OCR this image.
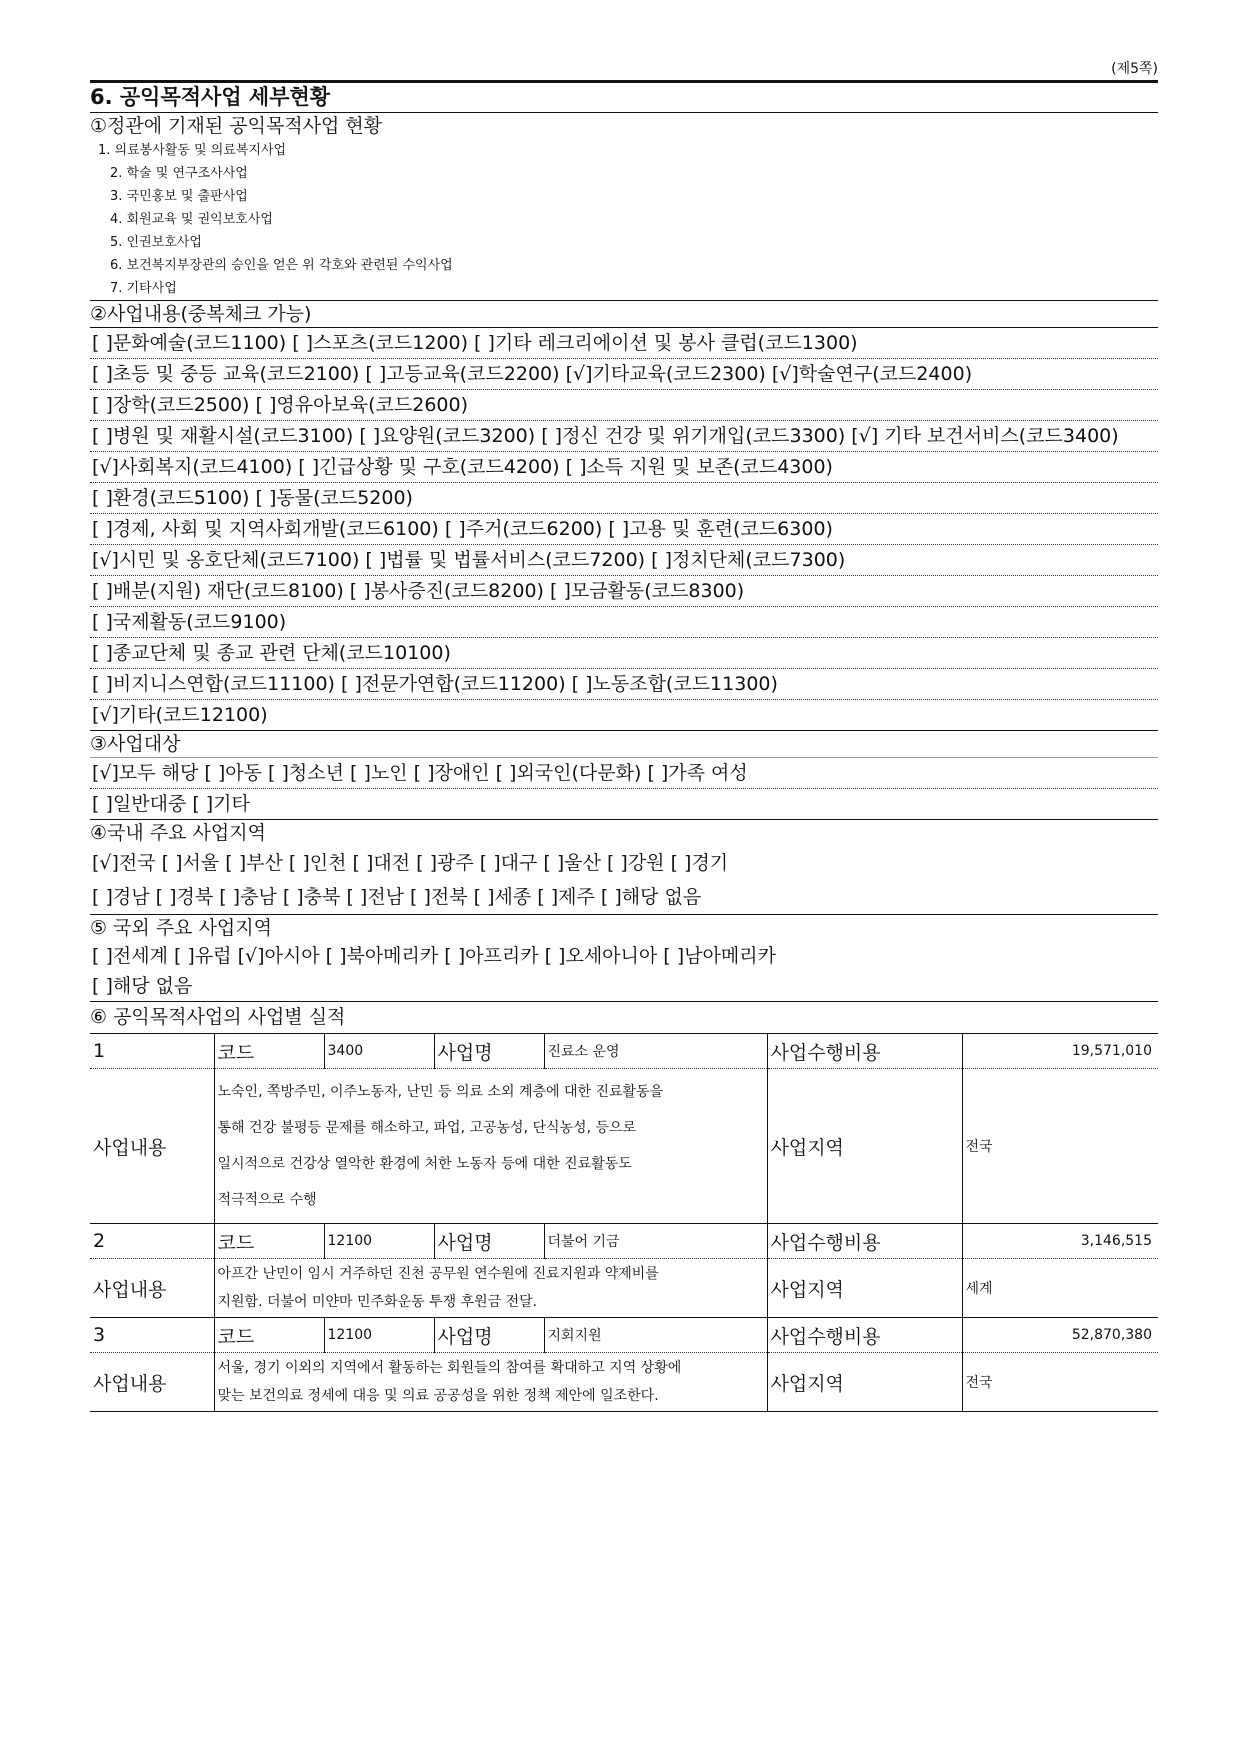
(제5쪽)
6. 공익목적사업 세부현황
①정관에 기재된 공익목적사업 현황
1. 의료봉사활동 및 의료복지사업
2. 학술 및 연구조사사업
3. 국민홍보 및 출판사업
4. 회원교육 및 권익보호사업
5. 인권보호사업
6. 보건복지부장관의 승인을 얻은 위 각호와 관련된 수익사업
7. 기타사업
②사업내용(중복체크 가능)
[ ]문화예술(코드1100) [ ]스포츠(코드1200) [ ]기타 레크리에이션 및 봉사 클럽(코드1300)
[ ]초등 및 중등 교육(코드2100) [ ]고등교육(코드2200) [√]기타교육(코드2300) [√]학술연구(코드2400)
[ ]장학(코드2500) [ ]영유아보육(코드2600)
[ ]병원 및 재활시설(코드3100) [ ]요양원(코드3200) [ ]정신 건강 및 위기개입(코드3300) [√] 기타 보건서비스(코드3400)
[√]사회복지(코드4100) [ ]긴급상황 및 구호(코드4200) [ ]소득 지원 및 보존(코드4300)
[ ]환경(코드5100) [ ]동물(코드5200)
[ ]경제, 사회 및 지역사회개발(코드6100) [ ]주거(코드6200) [ ]고용 및 훈련(코드6300)
[√]시민 및 옹호단체(코드7100) [ ]법률 및 법률서비스(코드7200) [ ]정치단체(코드7300)
[ ]배분(지원) 재단(코드8100) [ ]봉사증진(코드8200) [ ]모금활동(코드8300)
[ ]국제활동(코드9100)
[ ]종교단체 및 종교 관련 단체(코드10100)
[ ]비지니스연합(코드11100) [ ]전문가연합(코드11200) [ ]노동조합(코드11300)
[√]기타(코드12100)
③사업대상
[√]모두 해당 [ ]아동 [ ]청소년 [ ]노인 [ ]장애인 [ ]외국인(다문화) [ ]가족 여성
[ ]일반대중 [ ]기타
④국내 주요 사업지역
[√]전국 [ ]서울 [ ]부산 [ ]인천 [ ]대전 [ ]광주 [ ]대구 [ ]울산 [ ]강원 [ ]경기
[ ]경남 [ ]경북 [ ]충남 [ ]충북 [ ]전남 [ ]전북 [ ]세종 [ ]제주 [ ]해당 없음
⑤ 국외 주요 사업지역
[ ]전세계 [ ]유럽 [√]아시아 [ ]북아메리카 [ ]아프리카 [ ]오세아니아 [ ]남아메리카
[ ]해당 없음
⑥ 공익목적사업의 사업별 실적
1	코드	3400	사업명	진료소 운영	사업수행비용	19,571,010
사업내용	노숙인, 쪽방주민, 이주노동자, 난민 등 의료 소외 계층에 대한 진료활동을
통해 건강 불평등 문제를 해소하고, 파업, 고공농성, 단식농성, 등으로
일시적으로 건강상 열악한 환경에 처한 노동자 등에 대한 진료활동도
적극적으로 수행				사업지역	전국
2	코드	12100	사업명	더불어 기금	사업수행비용	3,146,515
사업내용	아프간 난민이 임시 거주하던 진천 공무원 연수원에 진료지원과 약제비를
지원함. 더불어 미얀마 민주화운동 투쟁 후원금 전달.				사업지역	세계
3	코드	12100	사업명	지회지원	사업수행비용	52,870,380
사업내용	서울, 경기 이외의 지역에서 활동하는 회원들의 참여를 확대하고 지역 상황에
맞는 보건의료 정세에 대응 및 의료 공공성을 위한 정책 제안에 일조한다.				사업지역	전국
